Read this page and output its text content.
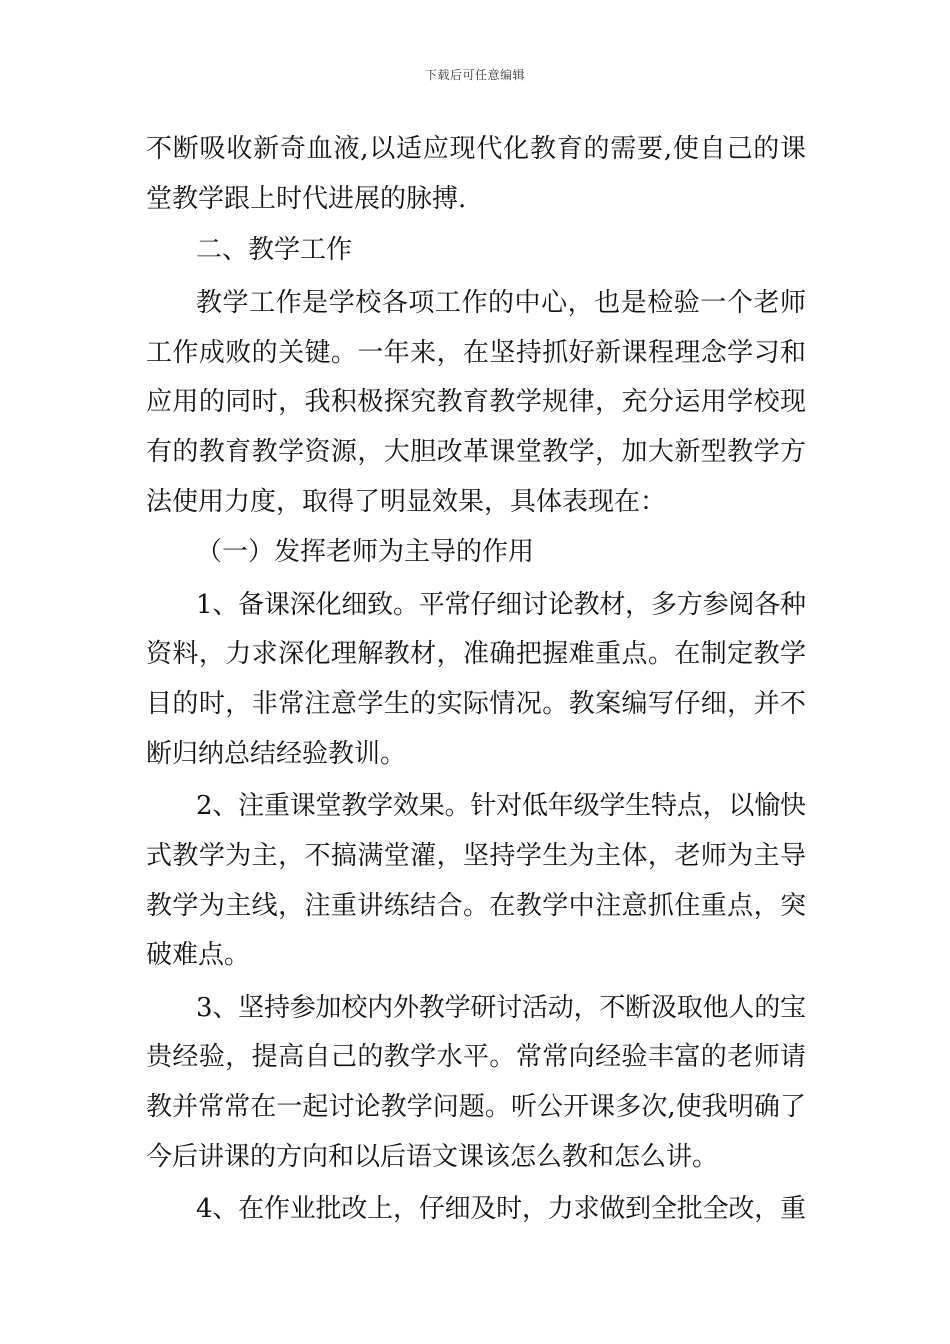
下载后可任意编辑
不断吸收新奇血液,以适应现代化教育的需要,使自己的课
堂教学跟上时代进展的脉搏.
二、教学工作
教学工作是学校各项工作的中心，也是检验一个老师
工作成败的关键。一年来，在坚持抓好新课程理念学习和
应用的同时，我积极探究教育教学规律，充分运用学校现
有的教育教学资源，大胆改革课堂教学，加大新型教学方
法使用力度，取得了明显效果，具体表现在：
（一）发挥老师为主导的作用
1、备课深化细致。平常仔细讨论教材，多方参阅各种
资料，力求深化理解教材，准确把握难重点。在制定教学
目的时，非常注意学生的实际情况。教案编写仔细，并不
断归纳总结经验教训。
2、注重课堂教学效果。针对低年级学生特点，以愉快
式教学为主，不搞满堂灌，坚持学生为主体，老师为主导
教学为主线，注重讲练结合。在教学中注意抓住重点，突
破难点。
3、坚持参加校内外教学研讨活动，不断汲取他人的宝
贵经验，提高自己的教学水平。常常向经验丰富的老师请
教并常常在一起讨论教学问题。听公开课多次,使我明确了
今后讲课的方向和以后语文课该怎么教和怎么讲。
4、在作业批改上，仔细及时，力求做到全批全改，重
